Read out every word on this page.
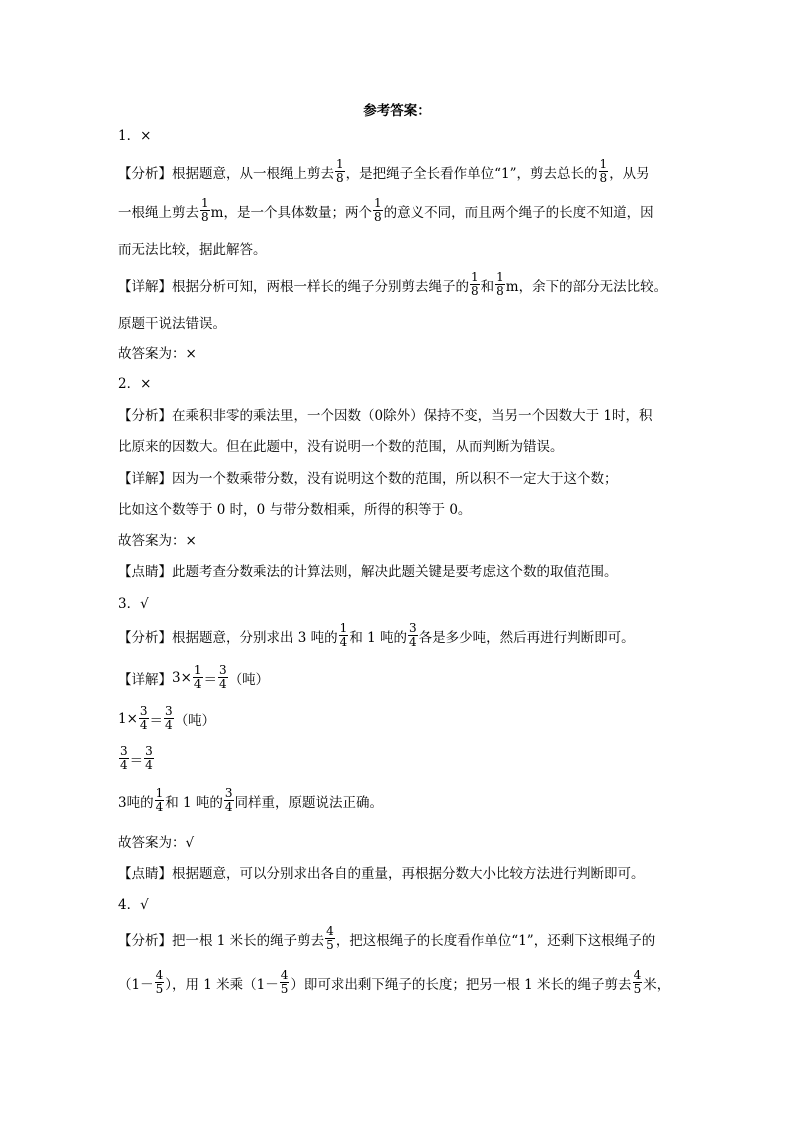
参考答案：
1．×
【分析】 根据题意，从一根绳上剪去 $\frac{1}{8}$ ，是把绳子全长看作单位“1”，剪去总长的 $\frac{1}{8}$ ，从另
一根绳上剪去 $\frac{1}{8}$ m，是一个具体数量；两个 $\frac{1}{8}$ 的意义不同，而且两个绳子的长度不知道，因
而无法比较，据此解答。
【详解】 根据分析可知，两根一样长的绳子分别剪去绳子的 $\frac{1}{8}$ 和 $\frac{1}{8}$ m，余下的部分无法比较。
原题干说法错误。
故答案为：×
2．×
【分析】 在乘积非零的乘法里，一个因数（0除外）保持不变，当另一个因数大于 1时，积
比原来的因数大。但在此题中，没有说明一个数的范围，从而判断为错误。
【详解】 因为一个数乘带分数，没有说明这个数的范围，所以积不一定大于这个数；
比如这个数等于 0 时，0 与带分数相乘，所得的积等于 0。
故答案为：×
【点睛】 此题考查分数乘法的计算法则，解决此题关键是要考虑这个数的取值范围。
3．√
【分析】 根据题意，分别求出 3 吨的 $\frac{1}{4}$ 和 1 吨的 $\frac{3}{4}$ 各是多少吨，然后再进行判断即可。
【详解】 $3\times \frac{1}{4} = \frac{3}{4}$ （吨）
$1\times \frac{3}{4} = \frac{3}{4}$ （吨）
$\frac{3}{4} = \frac{3}{4}$
3吨的 $\frac{1}{4}$ 和 1 吨的 $\frac{3}{4}$ 同样重，原题说法正确。
故答案为：√
【点睛】 根据题意，可以分别求出各自的重量，再根据分数大小比较方法进行判断即可。
4．√
【分析】 把一根 1 米长的绳子剪去 $\frac{4}{5}$ ，把这根绳子的长度看作单位“1”，还剩下这根绳子的
（$1- \frac{4}{5}$ ），用 1 米乘（$1- \frac{4}{5}$ ）即可求出剩下绳子的长度；把另一根 1 米长的绳子剪去 $\frac{4}{5}$ 米，
